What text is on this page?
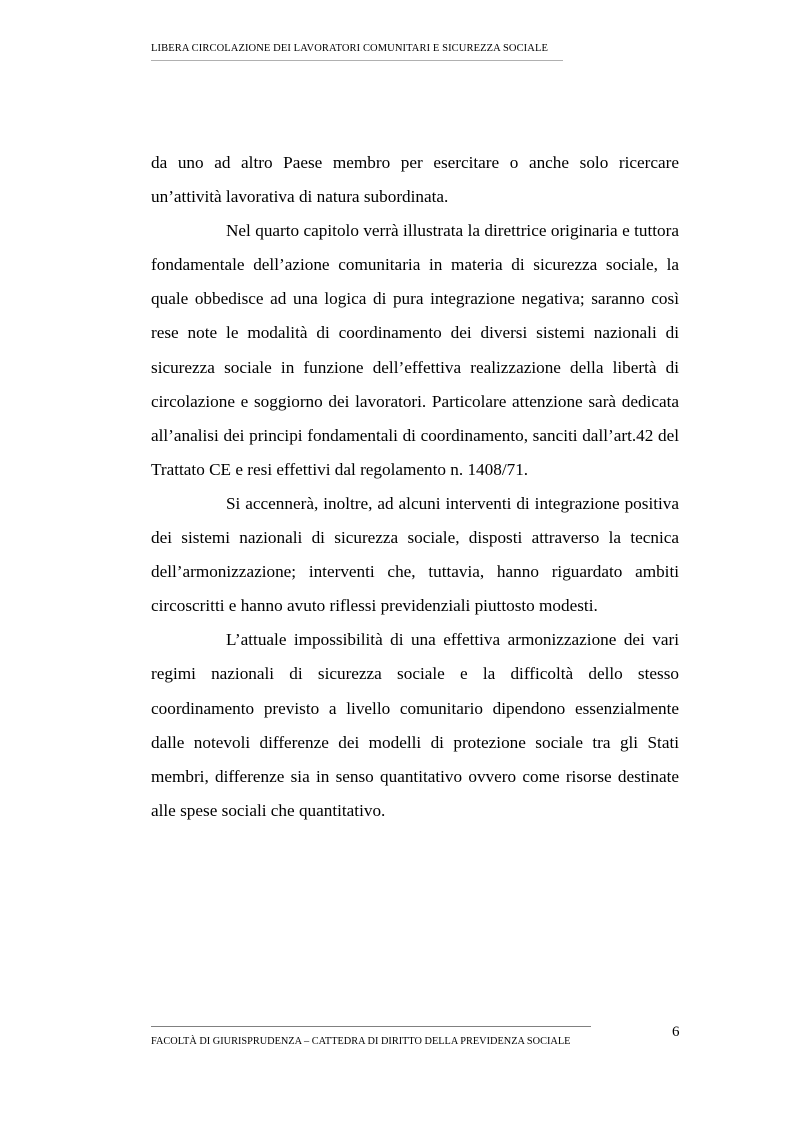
LIBERA CIRCOLAZIONE DEI LAVORATORI COMUNITARI E SICUREZZA SOCIALE

da uno ad altro Paese membro per esercitare o anche solo ricercare un’attività lavorativa di natura subordinata.

Nel quarto capitolo verrà illustrata la direttrice originaria e tuttora fondamentale dell’azione comunitaria in materia di sicurezza sociale, la quale obbedisce ad una logica di pura integrazione negativa; saranno così rese note le modalità di coordinamento dei diversi sistemi nazionali di sicurezza sociale in funzione dell’effettiva realizzazione della libertà di circolazione e soggiorno dei lavoratori. Particolare attenzione sarà dedicata all’analisi dei principi fondamentali di coordinamento, sanciti dall’art.42 del Trattato CE e resi effettivi dal regolamento n. 1408/71.

Si accennerà, inoltre, ad alcuni interventi di integrazione positiva dei sistemi nazionali di sicurezza sociale, disposti attraverso la tecnica dell’armonizzazione; interventi che, tuttavia, hanno riguardato ambiti circoscritti e hanno avuto riflessi previdenziali piuttosto modesti.

L’attuale impossibilità di una effettiva armonizzazione dei vari regimi nazionali di sicurezza sociale e la difficoltà dello stesso coordinamento previsto a livello comunitario dipendono essenzialmente dalle notevoli differenze dei modelli di protezione sociale tra gli Stati membri, differenze sia in senso quantitativo ovvero come risorse destinate alle spese sociali che quantitativo.

6
FACOLTÀ DI GIURISPRUDENZA – CATTEDRA DI DIRITTO DELLA PREVIDENZA SOCIALE
